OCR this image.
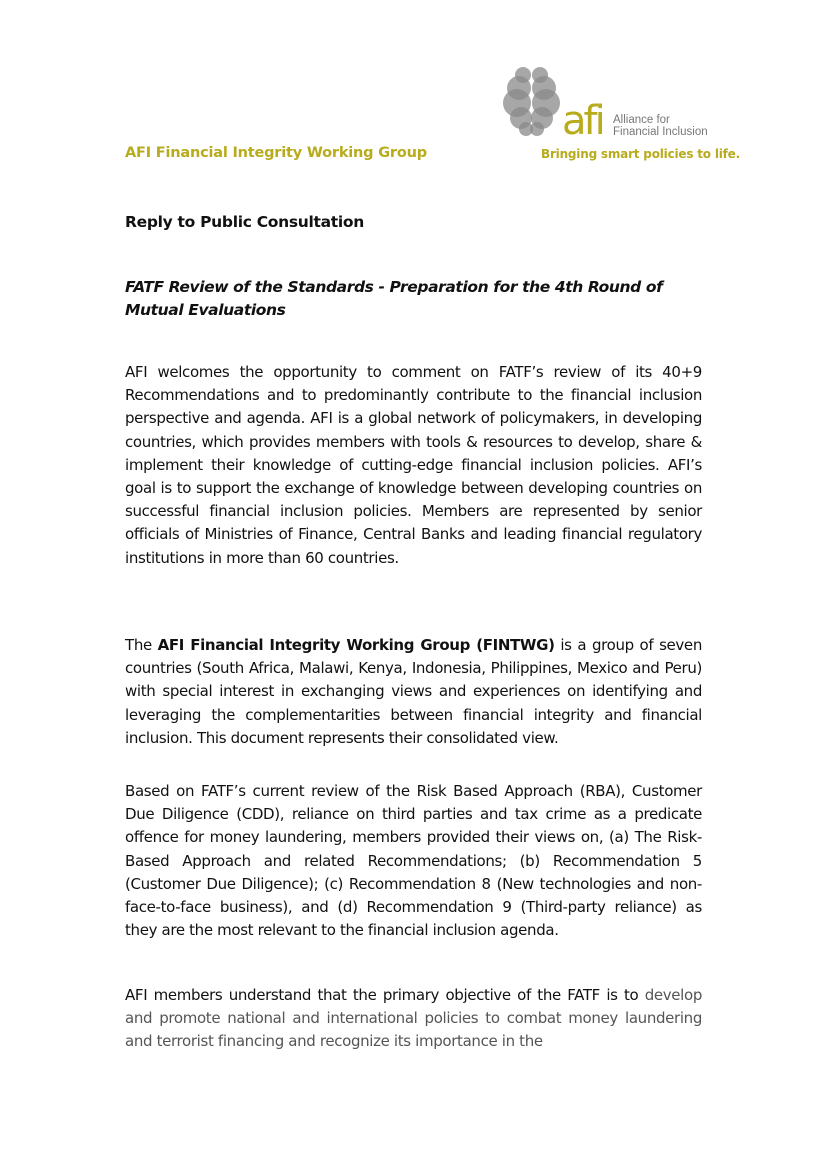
AFI Financial Integrity Working Group
afi Alliance for
Financial Inclusion
Bringing smart policies to life.
Reply to Public Consultation
FATF Review of the Standards - Preparation for the 4th Round of Mutual Evaluations
AFI welcomes the opportunity to comment on FATF’s review of its 40+9 Recommendations and to predominantly contribute to the financial inclusion perspective and agenda. AFI is a global network of policymakers, in developing countries, which provides members with tools & resources to develop, share & implement their knowledge of cutting-edge financial inclusion policies. AFI’s goal is to support the exchange of knowledge between developing countries on successful financial inclusion policies. Members are represented by senior officials of Ministries of Finance, Central Banks and leading financial regulatory institutions in more than 60 countries.
The AFI Financial Integrity Working Group (FINTWG) is a group of seven countries (South Africa, Malawi, Kenya, Indonesia, Philippines, Mexico and Peru) with special interest in exchanging views and experiences on identifying and leveraging the complementarities between financial integrity and financial inclusion. This document represents their consolidated view.
Based on FATF’s current review of the Risk Based Approach (RBA), Customer Due Diligence (CDD), reliance on third parties and tax crime as a predicate offence for money laundering, members provided their views on, (a) The Risk-Based Approach and related Recommendations; (b) Recommendation 5 (Customer Due Diligence); (c) Recommendation 8 (New technologies and non-face-to-face business), and (d) Recommendation 9 (Third-party reliance) as they are the most relevant to the financial inclusion agenda.
AFI members understand that the primary objective of the FATF is to develop and promote national and international policies to combat money laundering and terrorist financing and recognize its importance in the
